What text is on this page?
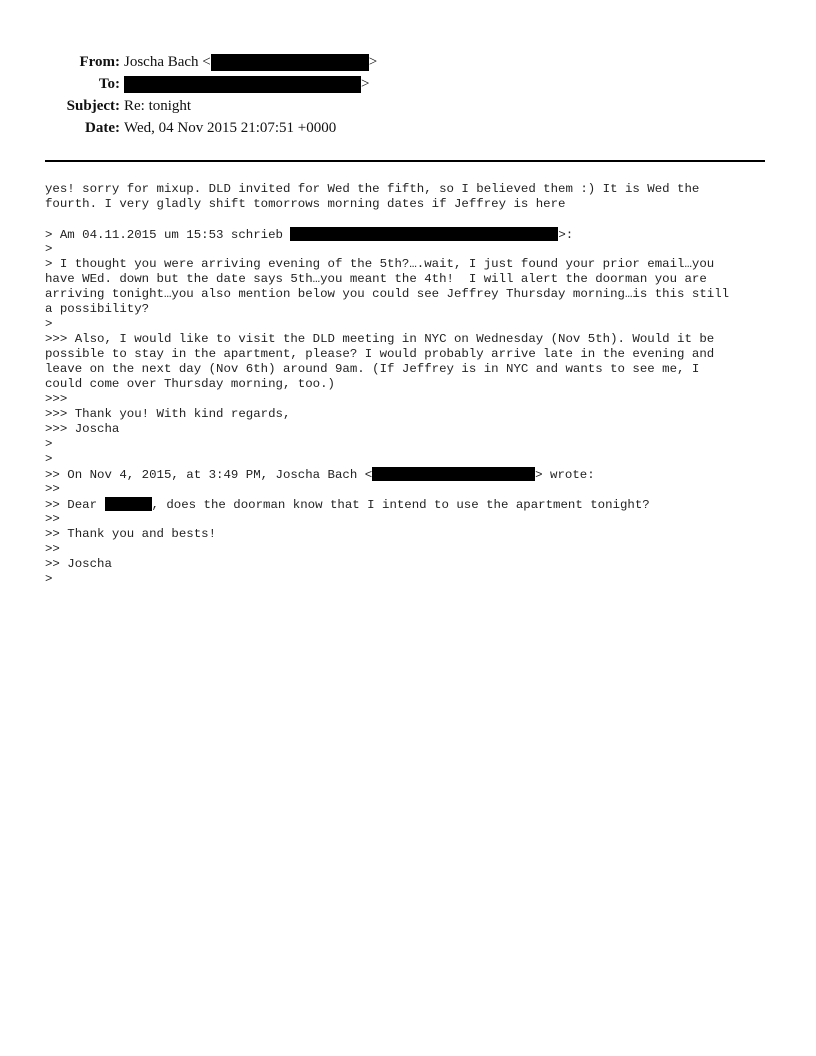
From: Joscha Bach <	>
To:	>
Subject: Re: tonight
Date: Wed, 04 Nov 2015 21:07:51 +0000
yes! sorry for mixup. DLD invited for Wed the fifth, so I believed them :) It is Wed the
fourth. I very gladly shift tomorrows morning dates if Jeffrey is here
> Am 04.11.2015 um 15:53 schrieb	>:
>
> I thought you were arriving evening of the 5th?….wait, I just found your prior email…you
have WEd. down but the date says 5th…you meant the 4th!  I will alert the doorman you are
arriving tonight…you also mention below you could see Jeffrey Thursday morning…is this still
a possibility?
>
>>> Also, I would like to visit the DLD meeting in NYC on Wednesday (Nov 5th). Would it be
possible to stay in the apartment, please? I would probably arrive late in the evening and
leave on the next day (Nov 6th) around 9am. (If Jeffrey is in NYC and wants to see me, I
could come over Thursday morning, too.)
>>>
>>> Thank you! With kind regards,
>>> Joscha
>
>
>> On Nov 4, 2015, at 3:49 PM, Joscha Bach <	> wrote:
>>
>> Dear	, does the doorman know that I intend to use the apartment tonight?
>>
>> Thank you and bests!
>>
>> Joscha
>
